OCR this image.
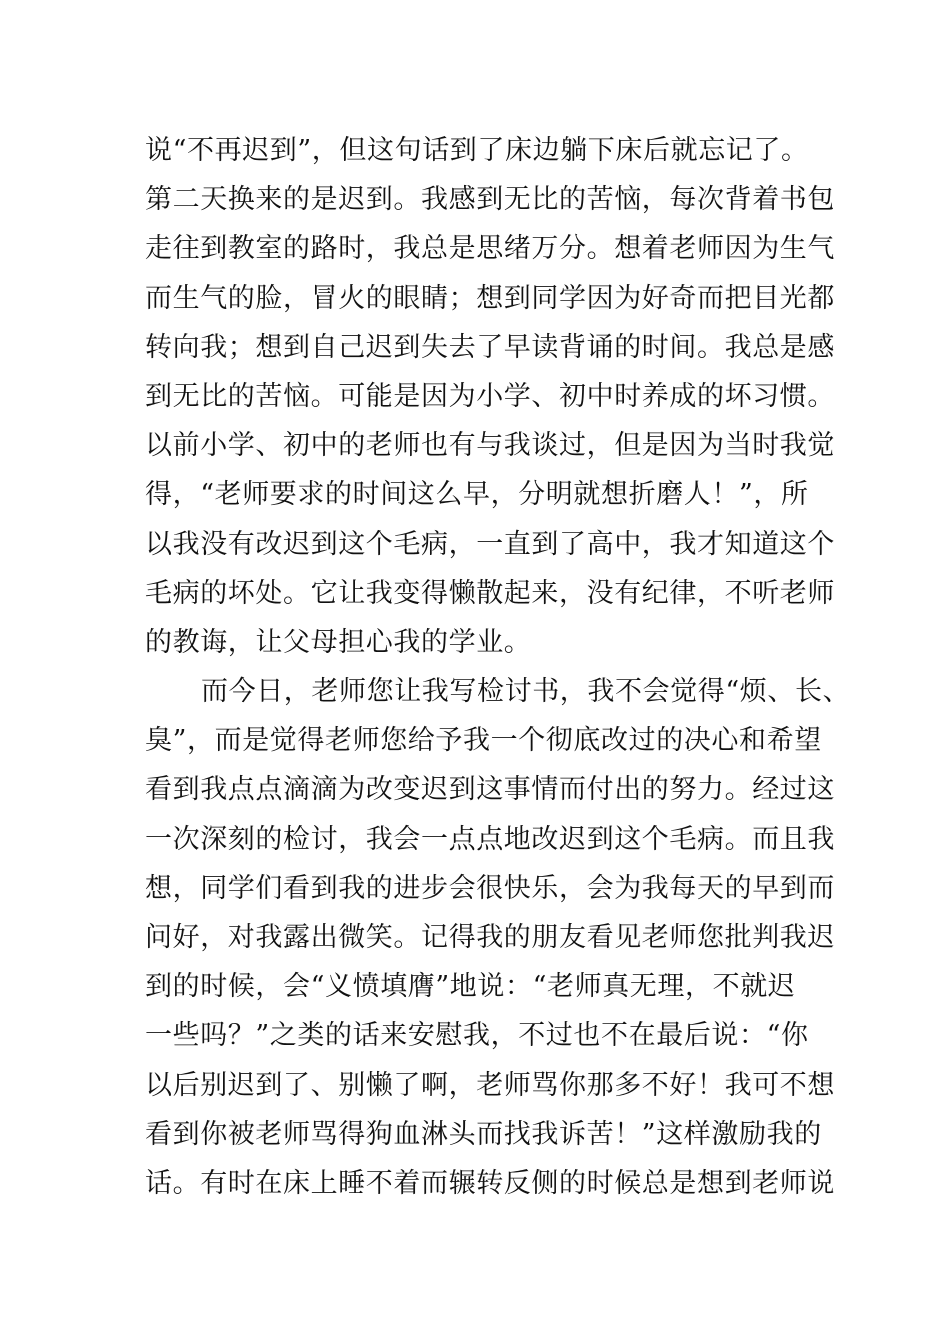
说“不再迟到”，但这句话到了床边躺下床后就忘记了。
第二天换来的是迟到。我感到无比的苦恼，每次背着书包
走往到教室的路时，我总是思绪万分。想着老师因为生气
而生气的脸，冒火的眼睛；想到同学因为好奇而把目光都
转向我；想到自己迟到失去了早读背诵的时间。我总是感
到无比的苦恼。可能是因为小学、初中时养成的坏习惯。
以前小学、初中的老师也有与我谈过，但是因为当时我觉
得，“老师要求的时间这么早，分明就想折磨人！”，所
以我没有改迟到这个毛病，一直到了高中，我才知道这个
毛病的坏处。它让我变得懒散起来，没有纪律，不听老师
的教诲，让父母担心我的学业。
而今日，老师您让我写检讨书，我不会觉得“烦、长、
臭”，而是觉得老师您给予我一个彻底改过的决心和希望
看到我点点滴滴为改变迟到这事情而付出的努力。经过这
一次深刻的检讨，我会一点点地改迟到这个毛病。而且我
想，同学们看到我的进步会很快乐，会为我每天的早到而
问好，对我露出微笑。记得我的朋友看见老师您批判我迟
到的时候，会“义愤填膺”地说：“老师真无理，不就迟
一些吗？”之类的话来安慰我，不过也不在最后说：“你
以后别迟到了、别懒了啊，老师骂你那多不好！我可不想
看到你被老师骂得狗血淋头而找我诉苦！”这样激励我的
话。有时在床上睡不着而辗转反侧的时候总是想到老师说
